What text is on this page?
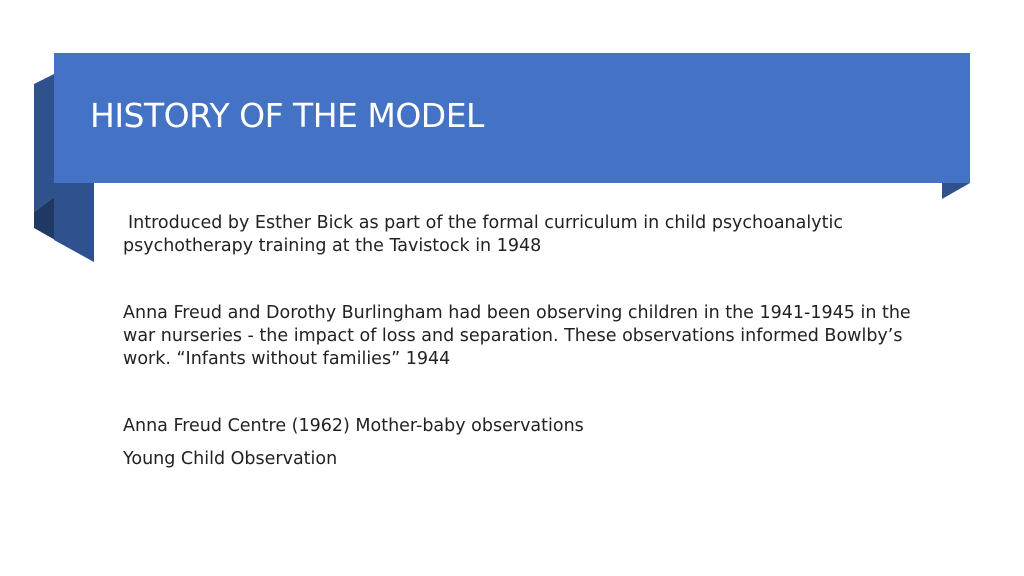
HISTORY OF THE MODEL

Introduced by Esther Bick as part of the formal curriculum in child psychoanalytic psychotherapy training at the Tavistock in 1948

Anna Freud and Dorothy Burlingham had been observing children in the 1941-1945 in the war nurseries - the impact of loss and separation. These observations informed Bowlby’s work. “Infants without families” 1944

Anna Freud Centre (1962) Mother-baby observations

Young Child Observation
